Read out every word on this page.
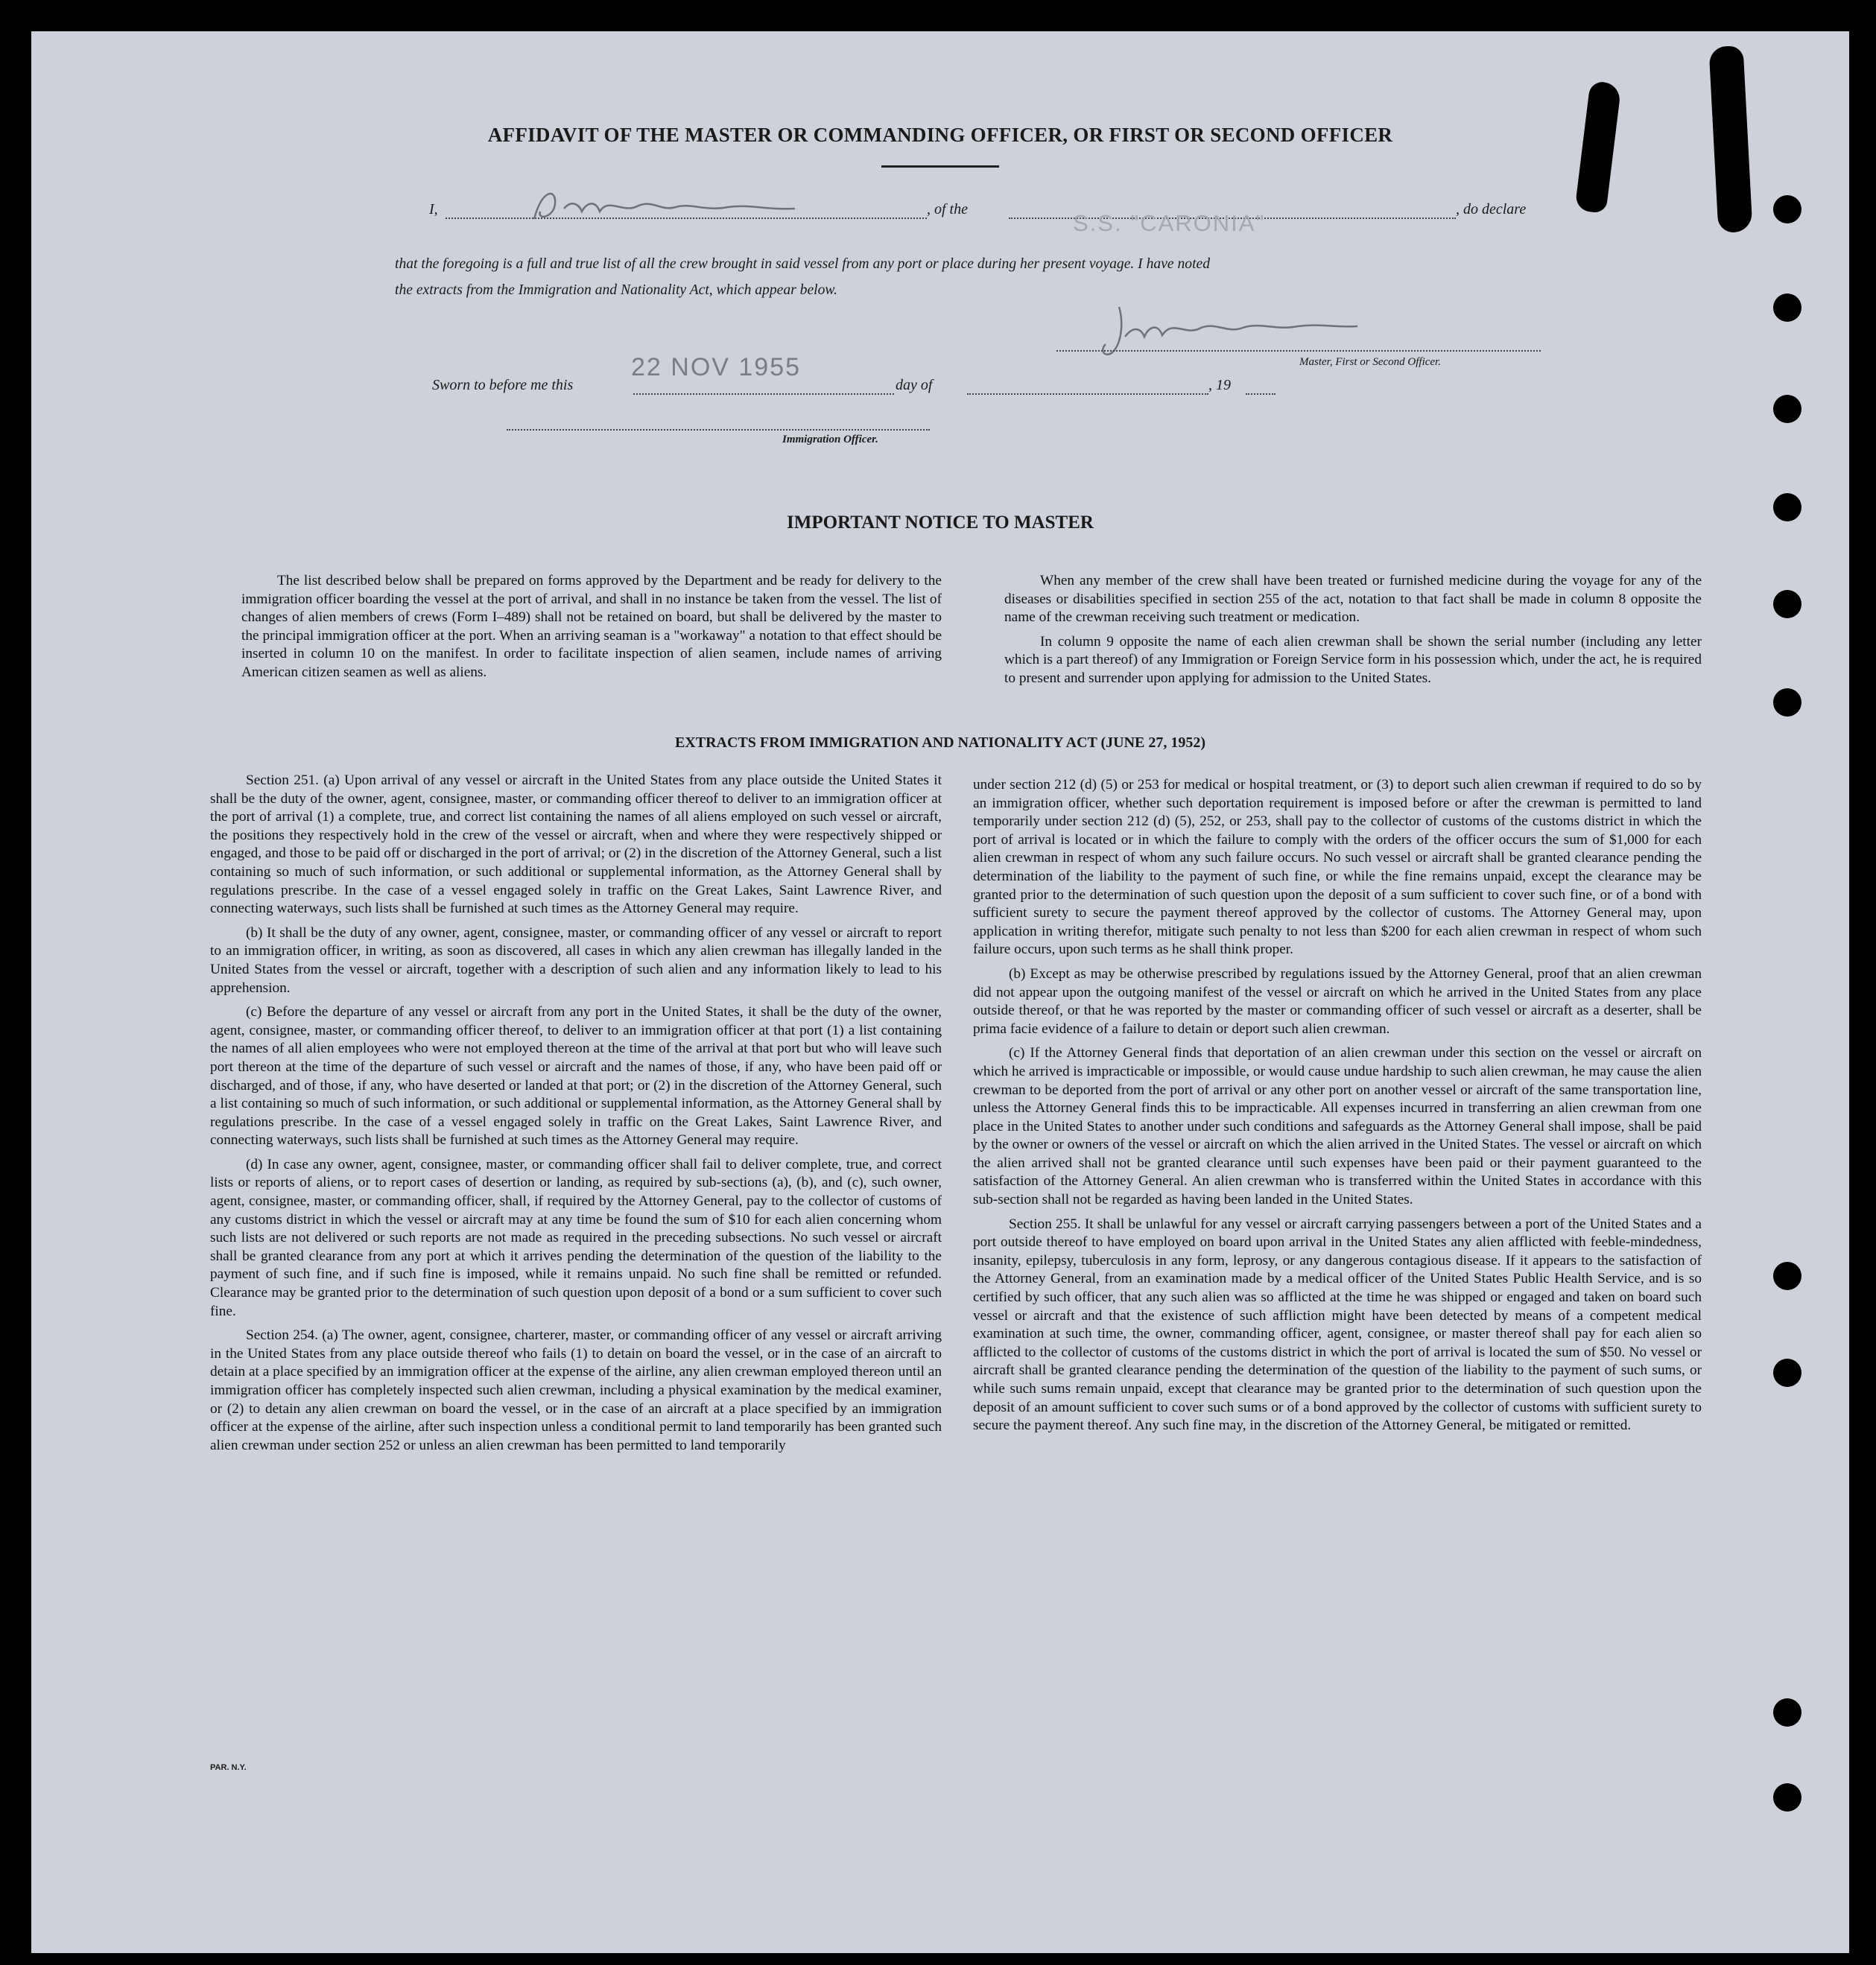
AFFIDAVIT OF THE MASTER OR COMMANDING OFFICER, OR FIRST OR SECOND OFFICER
I,	, of the
S.S. "CARONIA"
, do declare
that the foregoing is a full and true list of all the crew brought in said vessel from any port or place during her present voyage. I have noted
the extracts from the Immigration and Nationality Act, which appear below.
Master, First or Second Officer.
Sworn to before me this
22 NOV 1955
day of	, 19
Immigration Officer.
IMPORTANT NOTICE TO MASTER

The list described below shall be prepared on forms approved by the Department and be ready for delivery to the immigration officer boarding the vessel at the port of arrival, and shall in no instance be taken from the vessel. The list of changes of alien members of crews (Form I–489) shall not be retained on board, but shall be delivered by the master to the principal immigration officer at the port. When an arriving seaman is a "workaway" a notation to that effect should be inserted in column 10 on the manifest. In order to facilitate inspection of alien seamen, include names of arriving American citizen seamen as well as aliens.

When any member of the crew shall have been treated or furnished medicine during the voyage for any of the diseases or disabilities specified in section 255 of the act, notation to that fact shall be made in column 8 opposite the name of the crewman receiving such treatment or medication.

In column 9 opposite the name of each alien crewman shall be shown the serial number (including any letter which is a part thereof) of any Immigration or Foreign Service form in his possession which, under the act, he is required to present and surrender upon applying for admission to the United States.

EXTRACTS FROM IMMIGRATION AND NATIONALITY ACT (JUNE 27, 1952)

Section 251. (a) Upon arrival of any vessel or aircraft in the United States from any place outside the United States it shall be the duty of the owner, agent, consignee, master, or commanding officer thereof to deliver to an immigration officer at the port of arrival (1) a complete, true, and correct list containing the names of all aliens employed on such vessel or aircraft, the positions they respectively hold in the crew of the vessel or aircraft, when and where they were respectively shipped or engaged, and those to be paid off or discharged in the port of arrival; or (2) in the discretion of the Attorney General, such a list containing so much of such information, or such additional or supplemental information, as the Attorney General shall by regulations prescribe. In the case of a vessel engaged solely in traffic on the Great Lakes, Saint Lawrence River, and connecting waterways, such lists shall be furnished at such times as the Attorney General may require.

(b) It shall be the duty of any owner, agent, consignee, master, or commanding officer of any vessel or aircraft to report to an immigration officer, in writing, as soon as discovered, all cases in which any alien crewman has illegally landed in the United States from the vessel or aircraft, together with a description of such alien and any information likely to lead to his apprehension.

(c) Before the departure of any vessel or aircraft from any port in the United States, it shall be the duty of the owner, agent, consignee, master, or commanding officer thereof, to deliver to an immigration officer at that port (1) a list containing the names of all alien employees who were not employed thereon at the time of the arrival at that port but who will leave such port thereon at the time of the departure of such vessel or aircraft and the names of those, if any, who have been paid off or discharged, and of those, if any, who have deserted or landed at that port; or (2) in the discretion of the Attorney General, such a list containing so much of such information, or such additional or supplemental information, as the Attorney General shall by regulations prescribe. In the case of a vessel engaged solely in traffic on the Great Lakes, Saint Lawrence River, and connecting waterways, such lists shall be furnished at such times as the Attorney General may require.

(d) In case any owner, agent, consignee, master, or commanding officer shall fail to deliver complete, true, and correct lists or reports of aliens, or to report cases of desertion or landing, as required by sub-sections (a), (b), and (c), such owner, agent, consignee, master, or commanding officer, shall, if required by the Attorney General, pay to the collector of customs of any customs district in which the vessel or aircraft may at any time be found the sum of $10 for each alien concerning whom such lists are not delivered or such reports are not made as required in the preceding subsections. No such vessel or aircraft shall be granted clearance from any port at which it arrives pending the determination of the question of the liability to the payment of such fine, and if such fine is imposed, while it remains unpaid. No such fine shall be remitted or refunded. Clearance may be granted prior to the determination of such question upon deposit of a bond or a sum sufficient to cover such fine.

Section 254. (a) The owner, agent, consignee, charterer, master, or commanding officer of any vessel or aircraft arriving in the United States from any place outside thereof who fails (1) to detain on board the vessel, or in the case of an aircraft to detain at a place specified by an immigration officer at the expense of the airline, any alien crewman employed thereon until an immigration officer has completely inspected such alien crewman, including a physical examination by the medical examiner, or (2) to detain any alien crewman on board the vessel, or in the case of an aircraft at a place specified by an immigration officer at the expense of the airline, after such inspection unless a conditional permit to land temporarily has been granted such alien crewman under section 252 or unless an alien crewman has been permitted to land temporarily

under section 212 (d) (5) or 253 for medical or hospital treatment, or (3) to deport such alien crewman if required to do so by an immigration officer, whether such deportation requirement is imposed before or after the crewman is permitted to land temporarily under section 212 (d) (5), 252, or 253, shall pay to the collector of customs of the customs district in which the port of arrival is located or in which the failure to comply with the orders of the officer occurs the sum of $1,000 for each alien crewman in respect of whom any such failure occurs. No such vessel or aircraft shall be granted clearance pending the determination of the liability to the payment of such fine, or while the fine remains unpaid, except the clearance may be granted prior to the determination of such question upon the deposit of a sum sufficient to cover such fine, or of a bond with sufficient surety to secure the payment thereof approved by the collector of customs. The Attorney General may, upon application in writing therefor, mitigate such penalty to not less than $200 for each alien crewman in respect of whom such failure occurs, upon such terms as he shall think proper.

(b) Except as may be otherwise prescribed by regulations issued by the Attorney General, proof that an alien crewman did not appear upon the outgoing manifest of the vessel or aircraft on which he arrived in the United States from any place outside thereof, or that he was reported by the master or commanding officer of such vessel or aircraft as a deserter, shall be prima facie evidence of a failure to detain or deport such alien crewman.

(c) If the Attorney General finds that deportation of an alien crewman under this section on the vessel or aircraft on which he arrived is impracticable or impossible, or would cause undue hardship to such alien crewman, he may cause the alien crewman to be deported from the port of arrival or any other port on another vessel or aircraft of the same transportation line, unless the Attorney General finds this to be impracticable. All expenses incurred in transferring an alien crewman from one place in the United States to another under such conditions and safeguards as the Attorney General shall impose, shall be paid by the owner or owners of the vessel or aircraft on which the alien arrived in the United States. The vessel or aircraft on which the alien arrived shall not be granted clearance until such expenses have been paid or their payment guaranteed to the satisfaction of the Attorney General. An alien crewman who is transferred within the United States in accordance with this sub-section shall not be regarded as having been landed in the United States.

Section 255. It shall be unlawful for any vessel or aircraft carrying passengers between a port of the United States and a port outside thereof to have employed on board upon arrival in the United States any alien afflicted with feeble-mindedness, insanity, epilepsy, tuberculosis in any form, leprosy, or any dangerous contagious disease. If it appears to the satisfaction of the Attorney General, from an examination made by a medical officer of the United States Public Health Service, and is so certified by such officer, that any such alien was so afflicted at the time he was shipped or engaged and taken on board such vessel or aircraft and that the existence of such affliction might have been detected by means of a competent medical examination at such time, the owner, commanding officer, agent, consignee, or master thereof shall pay for each alien so afflicted to the collector of customs of the customs district in which the port of arrival is located the sum of $50. No vessel or aircraft shall be granted clearance pending the determination of the question of the liability to the payment of such sums, or while such sums remain unpaid, except that clearance may be granted prior to the determination of such question upon the deposit of an amount sufficient to cover such sums or of a bond approved by the collector of customs with sufficient surety to secure the payment thereof. Any such fine may, in the discretion of the Attorney General, be mitigated or remitted.

PAR. N.Y.
